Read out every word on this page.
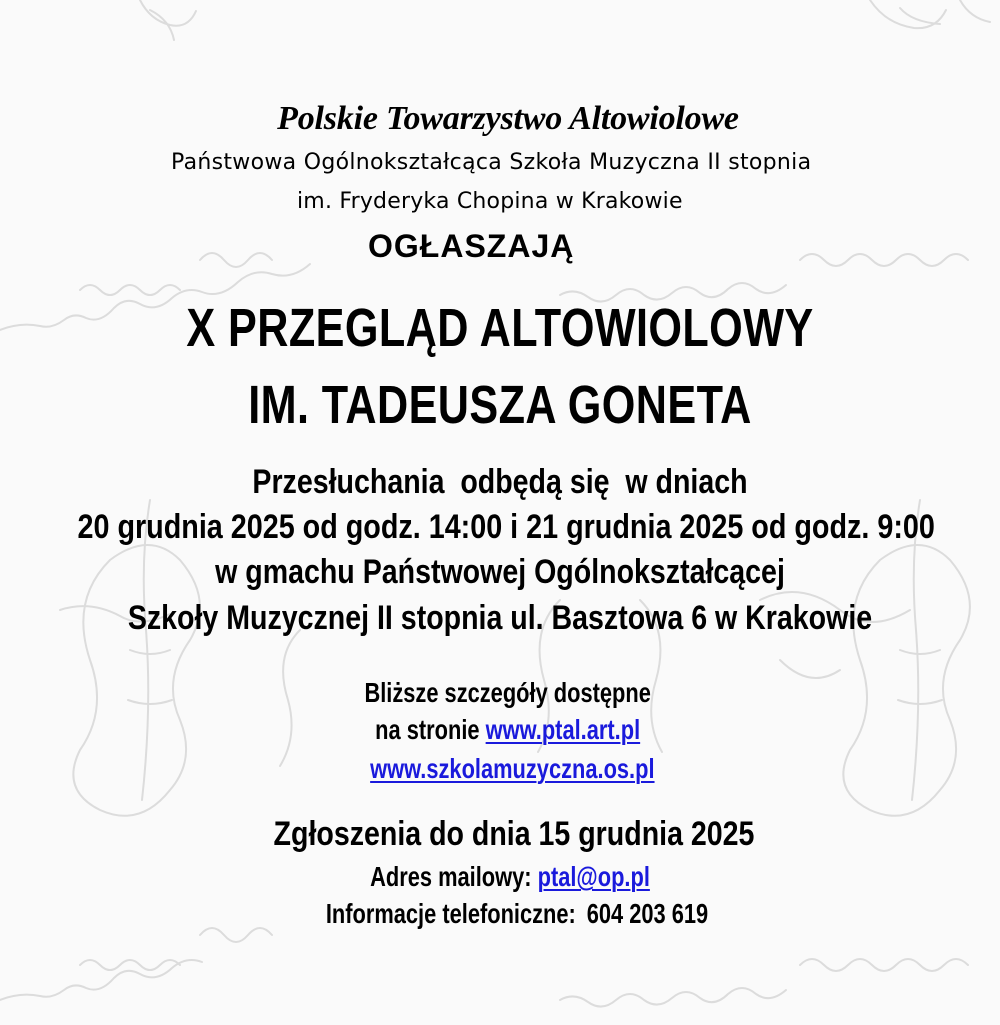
Polskie Towarzystwo Altowiolowe
Państwowa Ogólnokształcąca Szkoła Muzyczna II stopnia
im. Fryderyka Chopina w Krakowie
OGŁASZAJĄ
X PRZEGLĄD ALTOWIOLOWY
IM. TADEUSZA GONETA
Przesłuchania  odbędą się  w dniach
20 grudnia 2025 od godz. 14:00 i 21 grudnia 2025 od godz. 9:00
w gmachu Państwowej Ogólnokształcącej
Szkoły Muzycznej II stopnia ul. Basztowa 6 w Krakowie
Bliższe szczegóły dostępne
na stronie www.ptal.art.pl
www.szkolamuzyczna.os.pl
Zgłoszenia do dnia 15 grudnia 2025
Adres mailowy: ptal@op.pl
Informacje telefoniczne: 604 203 619
